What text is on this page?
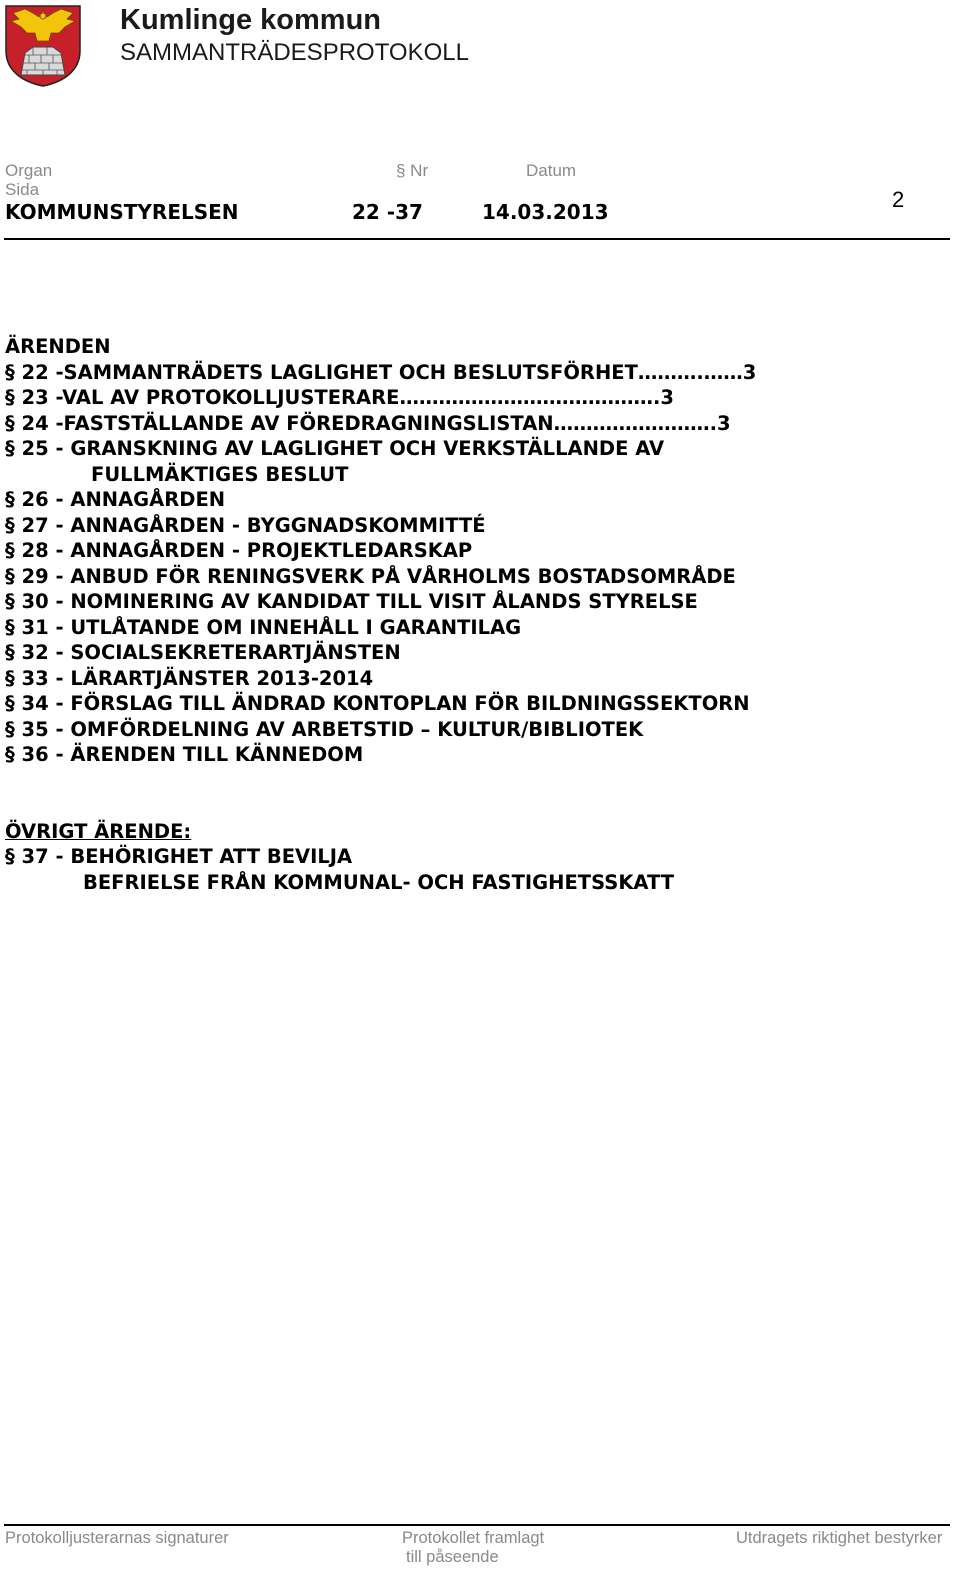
Kumlinge kommun
SAMMANTRÄDESPROTOKOLL
Organ	§ Nr	Datum
Sida
KOMMUNSTYRELSEN	22 -37	14.03.2013	2
ÄRENDEN
§ 22 -SAMMANTRÄDETS LAGLIGHET OCH BESLUTSFÖRHET……….……3
§ 23 -VAL AV PROTOKOLLJUSTERARE………………………………….3
§ 24 -FASTSTÄLLANDE AV FÖREDRAGNINGSLISTAN…………………….3
§ 25 - GRANSKNING AV LAGLIGHET OCH VERKSTÄLLANDE AV
FULLMÄKTIGES BESLUT
§ 26 - ANNAGÅRDEN
§ 27 - ANNAGÅRDEN - BYGGNADSKOMMITTÉ
§ 28 - ANNAGÅRDEN - PROJEKTLEDARSKAP
§ 29 - ANBUD FÖR RENINGSVERK PÅ VÅRHOLMS BOSTADSOMRÅDE
§ 30 - NOMINERING AV KANDIDAT TILL VISIT ÅLANDS STYRELSE
§ 31 - UTLÅTANDE OM INNEHÅLL I GARANTILAG
§ 32 - SOCIALSEKRETERARTJÄNSTEN
§ 33 - LÄRARTJÄNSTER 2013-2014
§ 34 - FÖRSLAG TILL ÄNDRAD KONTOPLAN FÖR BILDNINGSSEKTORN
§ 35 - OMFÖRDELNING AV ARBETSTID – KULTUR/BIBLIOTEK
§ 36 - ÄRENDEN TILL KÄNNEDOM
ÖVRIGT ÄRENDE:
§ 37 - BEHÖRIGHET ATT BEVILJA
BEFRIELSE FRÅN KOMMUNAL- OCH FASTIGHETSSKATT
Protokolljusterarnas signaturer	Protokollet framlagt
till påseende
Utdragets riktighet bestyrker
